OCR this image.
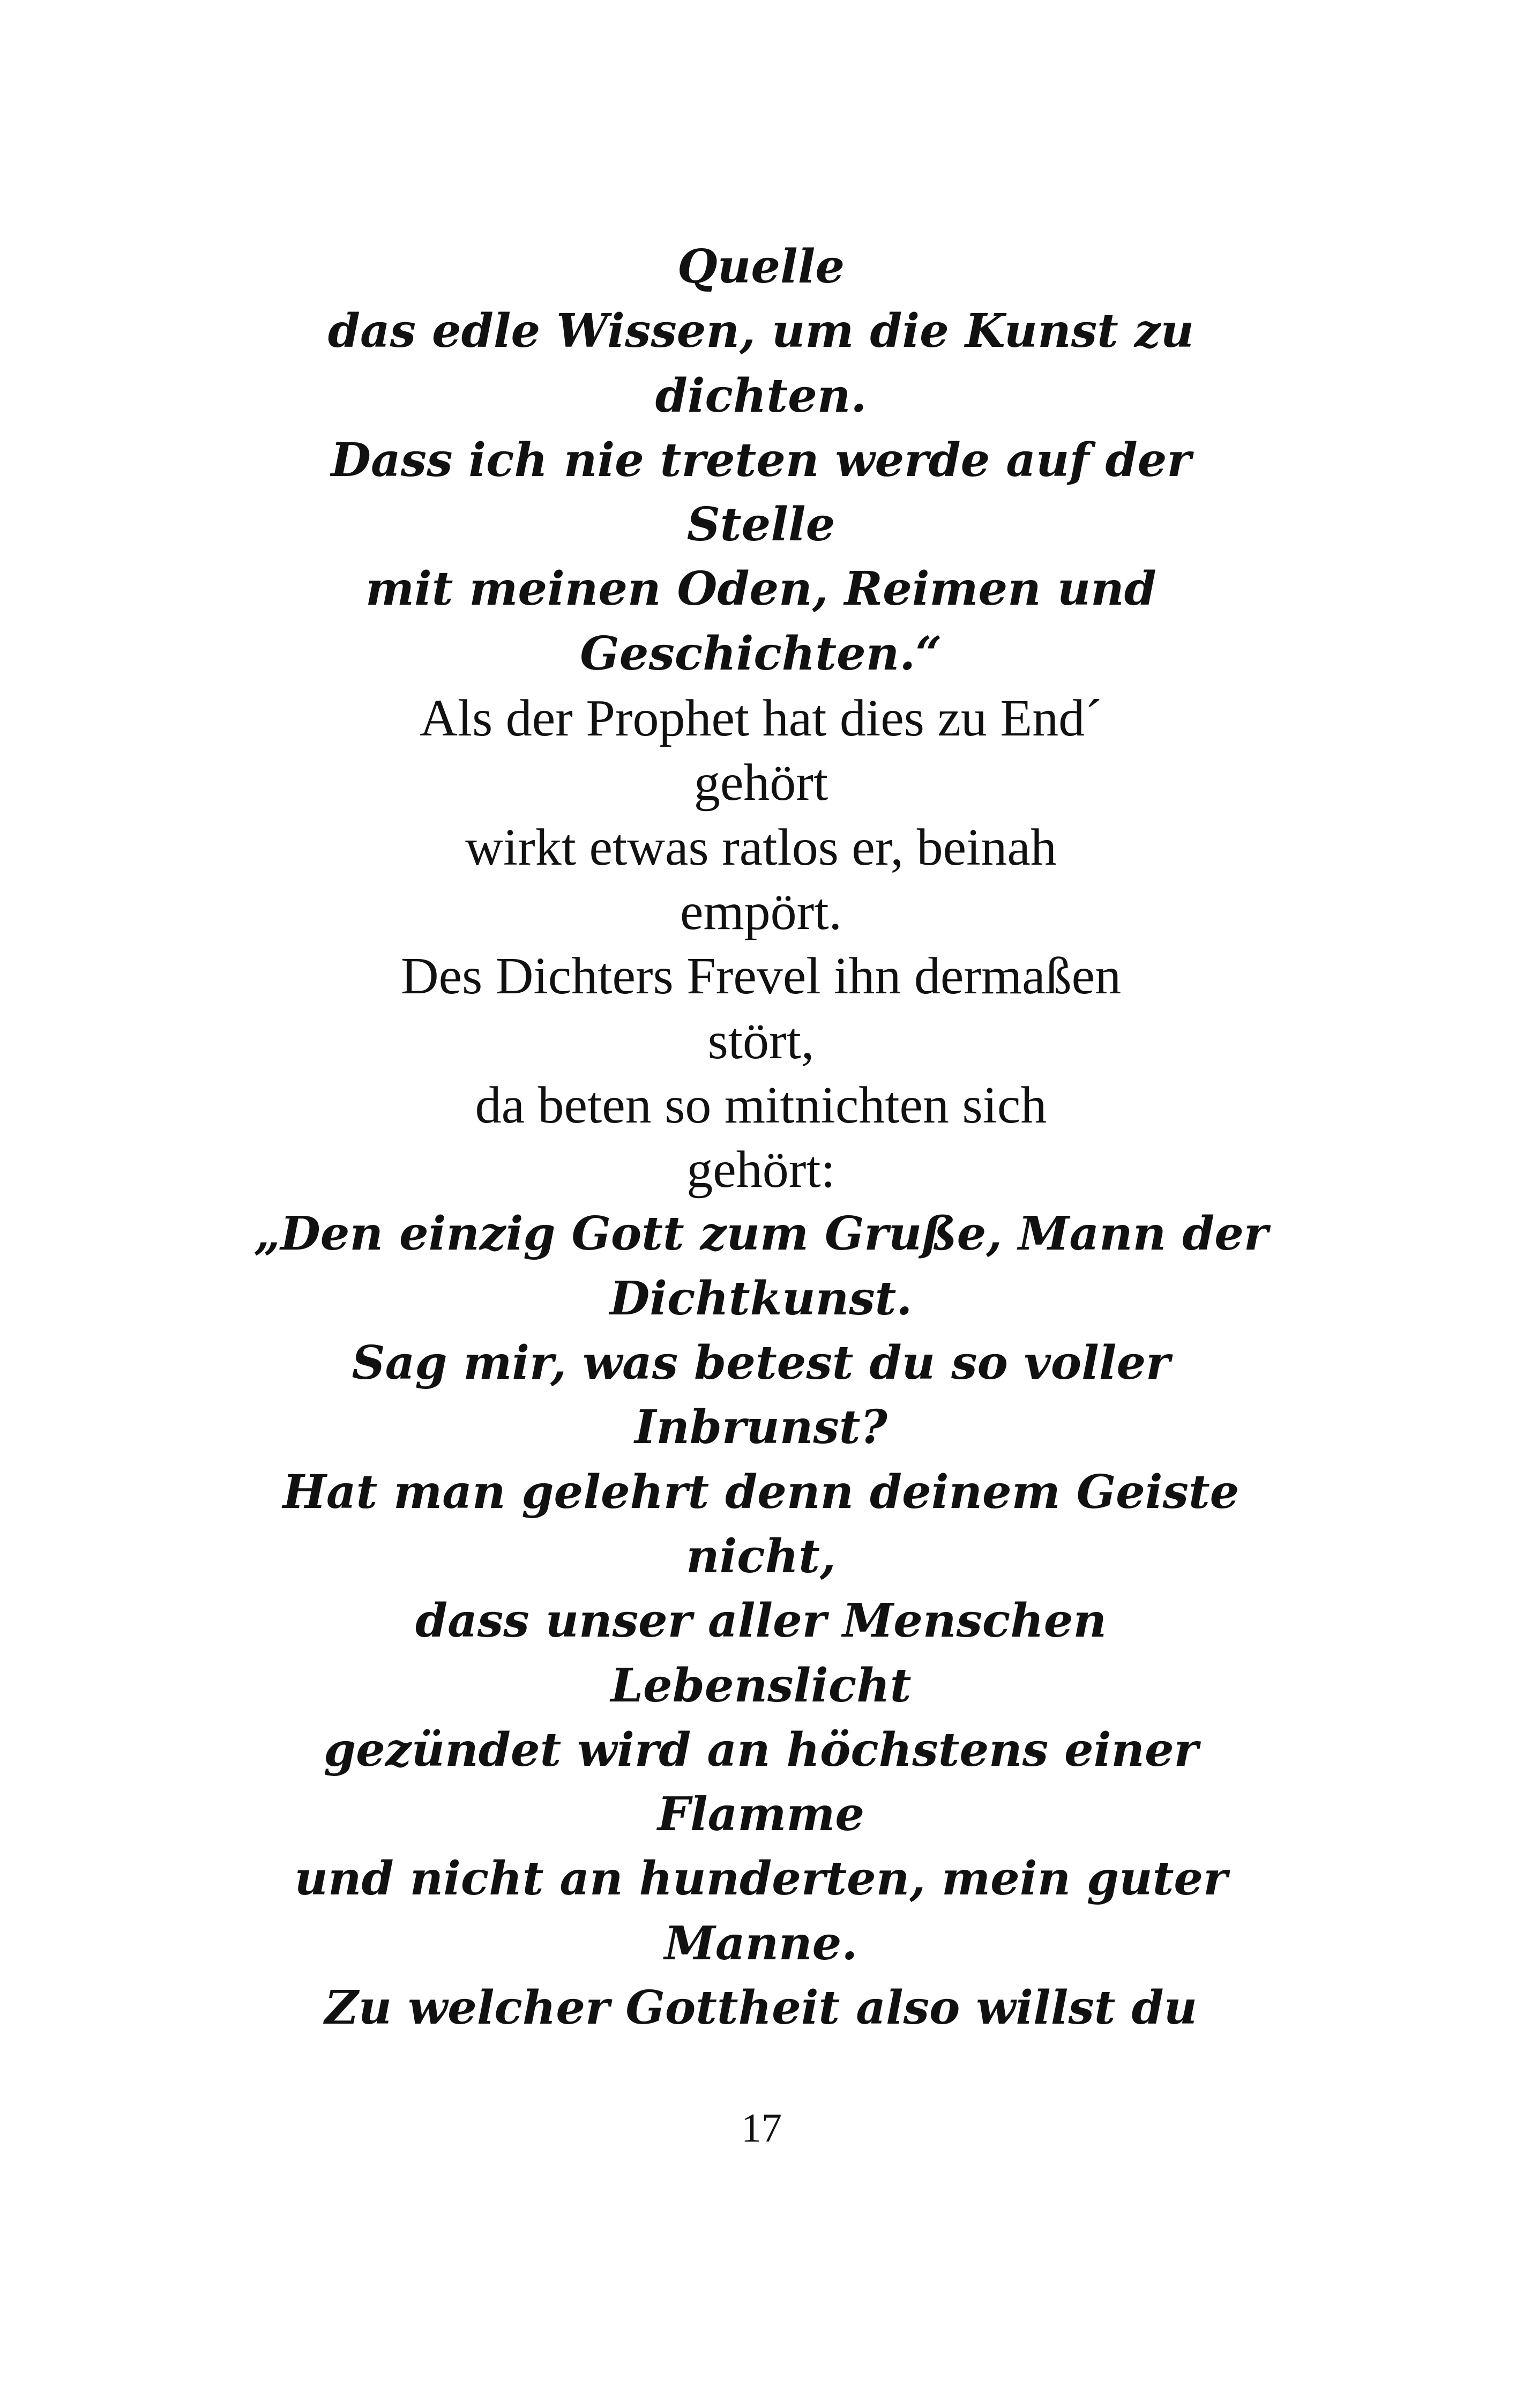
Quelle
das edle Wissen, um die Kunst zu
dichten.
Dass ich nie treten werde auf der
Stelle
mit meinen Oden, Reimen und
Geschichten.“
Als der Prophet hat dies zu End´
gehört
wirkt etwas ratlos er, beinah
empört.
Des Dichters Frevel ihn dermaßen
stört,
da beten so mitnichten sich
gehört:
„Den einzig Gott zum Gruße, Mann der
Dichtkunst.
Sag mir, was betest du so voller
Inbrunst?
Hat man gelehrt denn deinem Geiste
nicht,
dass unser aller Menschen
Lebenslicht
gezündet wird an höchstens einer
Flamme
und nicht an hunderten, mein guter
Manne.
Zu welcher Gottheit also willst du
17
